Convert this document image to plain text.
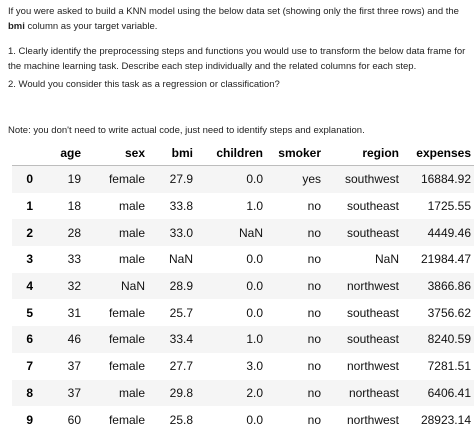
If you were asked to build a KNN model using the below data set (showing only the first three rows) and the bmi column as your target variable.
1. Clearly identify the preprocessing steps and functions you would use to transform the below data frame for the machine learning task. Describe each step individually and the related columns for each step.
2. Would you consider this task as a regression or classification?
Note: you don't need to write actual code, just need to identify steps and explanation.
	age	sex	bmi	children	smoker	region	expenses
0	19	female	27.9	0.0	yes	southwest	16884.92
1	18	male	33.8	1.0	no	southeast	1725.55
2	28	male	33.0	NaN	no	southeast	4449.46
3	33	male	NaN	0.0	no	NaN	21984.47
4	32	NaN	28.9	0.0	no	northwest	3866.86
5	31	female	25.7	0.0	no	southeast	3756.62
6	46	female	33.4	1.0	no	southeast	8240.59
7	37	female	27.7	3.0	no	northwest	7281.51
8	37	male	29.8	2.0	no	northeast	6406.41
9	60	female	25.8	0.0	no	northwest	28923.14
